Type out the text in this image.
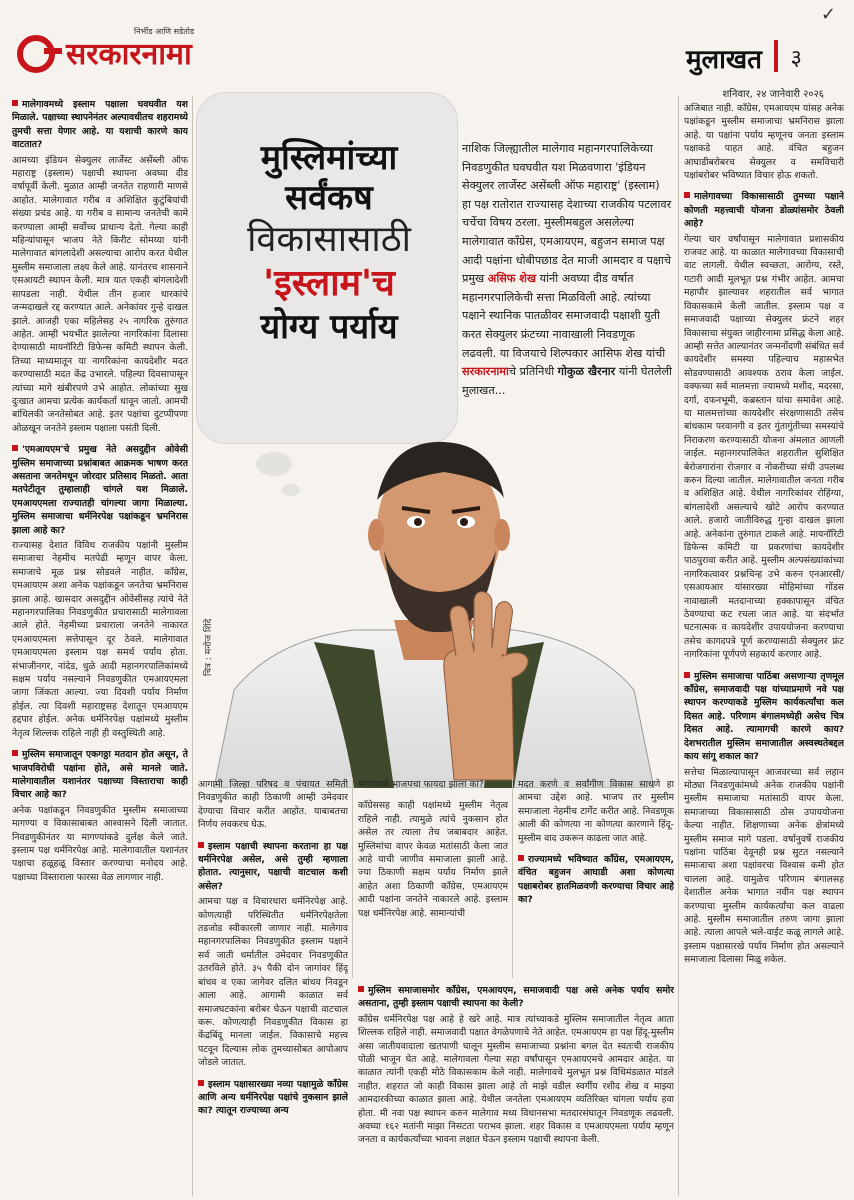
✓
निर्भीड आणि सडेतोड
सरकारनामा	मुलाखत ३
शनिवार, २४ जानेवारी २०२६
मालेगावमध्ये इस्लाम पक्षाला घवघवीत यश मिळाले. पक्षाच्या स्थापनेनंतर अल्पावधीतच शहरामध्ये तुमची सत्ता येणार आहे. या यशाची कारणे काय वाटतात?
आमच्या इंडियन सेक्युलर लार्जेस्ट असेंब्ली ऑफ महाराष्ट्र (इस्लाम) पक्षाची स्थापना अवघ्या दीड वर्षापूर्वी केली. मुळात आम्ही जनतेत राहणारी माणसे आहोत. मालेगावात गरीब व अशिक्षित कुटुंबियांची संख्या प्रचंड आहे. या गरीब व सामान्य जनतेची कामे करण्याला आम्ही सर्वोच्च प्राधान्य देतो. गेल्या काही महिन्यांपासून भाजप नेते किरीट सोमय्या यांनी मालेगावात बांगलादेशी असल्याचा आरोप करत येथील मुस्लीम समाजाला लक्ष्य केले आहे. यानंतरच शासनाने एसआयटी स्थापन केली. मात्र यात एकही बांगलादेशी सापडला नाही. येथील तीन हजार धारकांचे जन्मदाखले रद्द करण्यात आले. अनेकांवर गुन्हे दाखल झाले. आजही एका महिलेसह २५ नागरिक तुरुंगात आहेत. आम्ही भयभीत झालेल्या नागरिकांना दिलासा देण्यासाठी मायनॉरिटी डिफेन्स कमिटी स्थापन केली. तिच्या माध्यमातून या नागरिकांना कायदेशीर मदत करण्यासाठी मदत केंद्र उभारले. पहिल्या दिवसापासून त्यांच्या मागे खंबीरपणे उभे आहोत. लोकांच्या सुख दुःखात आमचा प्रत्येक कार्यकर्ता धावून जातो. आमची बांधिलकी जनतेसोबत आहे. इतर पक्षांचा दुटप्पीपणा ओळखून जनतेने इस्लाम पक्षाला पसंती दिली.
'एमआयएम'चे प्रमुख नेते असदुद्दीन ओवेसी मुस्लिम समाजाच्या प्रश्नांबाबत आक्रमक भाषण करत असताना जनतेमधून जोरदार प्रतिसाद मिळतो. आता मतपेटीतून तुम्हालाही चांगले यश मिळाले. एमआयएमला राज्यातही चांगल्या जागा मिळाल्या. मुस्लिम समाजाचा धर्मनिरपेक्ष पक्षांकडून भ्रमनिरास झाला आहे का?
राज्यासह देशात विविध राजकीय पक्षांनी मुस्लीम समाजाचा नेहमीच मतपेढी म्हणून वापर केला. समाजाचे मूळ प्रश्न सोडवले नाहीत. काँग्रेस, एमआयएम अशा अनेक पक्षांकडून जनतेचा भ्रमनिरास झाला आहे. खासदार असदुद्दीन ओवेसीसह त्यांचे नेते महानगरपालिका निवडणुकीत प्रचारासाठी मालेगावला आले होते. नेहमीच्या प्रचाराला जनतेने नाकारत एमआयएमला सत्तेपासून दूर ठेवले. मालेगावात एमआयएमला इस्लाम पक्ष समर्थ पर्याय होता. संभाजीनगर, नांदेड, धुळे आदी महानगरपालिकांमध्ये सक्षम पर्याय नसल्याने निवडणुकीत एमआयएमला जागा जिंकता आल्या. ज्या दिवशी पर्याय निर्माण होईल. त्या दिवशी महाराष्ट्रसह देशातून एमआयएम हद्दपार होईल. अनेक धर्मनिरपेक्ष पक्षांमध्ये मुस्लीम नेतृत्व शिल्लक राहिले नाही ही वस्तुस्थिती आहे.
मुस्लिम समाजातून एकगठ्ठा मतदान होत असून, ते भाजपविरोधी पक्षांना होते, असे मानले जाते. मालेगावातील यशानंतर पक्षाच्या विस्ताराचा काही विचार आहे का?
अनेक पक्षांकडून निवडणुकीत मुस्लीम समाजाच्या मागण्या व विकासाबाबत आश्वासने दिली जातात. निवडणुकीनंतर या मागण्यांकडे दुर्लक्ष केले जाते. इस्लाम पक्ष धर्मनिरपेक्ष आहे. मालेगावातील यशानंतर पक्षाचा हळूहळू विस्तार करण्याचा मनोदय आहे. पक्षाच्या विस्ताराला फारसा वेळ लागणार नाही.
मुस्लिमांच्या
सर्वंकष
विकासासाठी
'इस्लाम'च
योग्य पर्याय
नाशिक जिल्ह्यातील मालेगाव महानगरपालिकेच्या निवडणुकीत घवघवीत यश मिळवणारा 'इंडियन सेक्युलर लार्जेस्ट असेंब्ली ऑफ महाराष्ट्र' (इस्लाम) हा पक्ष रातोरात राज्यासह देशाच्या राजकीय पटलावर चर्चेचा विषय ठरला. मुस्लीमबहुल असलेल्या मालेगावात काँग्रेस, एमआयएम, बहुजन समाज पक्ष आदी पक्षांना धोबीपछाड देत माजी आमदार व पक्षाचे प्रमुख असिफ शेख यांनी अवघ्या दीड वर्षात महानगरपालिकेची सत्ता मिळविली आहे. त्यांच्या पक्षाने स्थानिक पातळीवर समाजवादी पक्षाशी युती करत सेक्युलर फ्रंटच्या नावाखाली निवडणूक लढवली. या विजयाचे शिल्पकार आसिफ शेख यांची सरकारनामाचे प्रतिनिधी गोकुळ खैरनार यांनी घेतलेली मुलाखत...
चित्र : मनोज शिंदे
अजिबात नाही. काँग्रेस, एमआयएम यांसह अनेक पक्षांकडून मुस्लीम समाजाचा भ्रमनिरास झाला आहे. या पक्षांना पर्याय म्हणूनच जनता इस्लाम पक्षाकडे पाहत आहे. वंचित बहुजन आघाडीबरोबरच सेक्युलर व समविचारी पक्षांबरोबर भविष्यात विचार होऊ शकतो.
मालेगावच्या विकासासाठी तुमच्या पक्षाने कोणती महत्त्वाची योजना डोळ्यांसमोर ठेवली आहे?
गेल्या चार वर्षांपासून मालेगावात प्रशासकीय राजवट आहे. या काळात मालेगावच्या विकासाची वाट लागली. येथील स्वच्छता, आरोग्य, रस्ते, गटारी आदी मूलभूत प्रश्न गंभीर आहेत. आमचा महापौर झाल्यावर शहरातील सर्व भागात विकासकामे केली जातील. इस्लाम पक्ष व समाजवादी पक्षाच्या सेक्युलर फ्रंटने शहर विकासाचा संयुक्त जाहीरनामा प्रसिद्ध केला आहे. आम्ही सत्तेत आल्यानंतर जन्मनोंदणी संबंधित सर्व कायदेशीर समस्या पहिल्याच महासभेत सोडवण्यासाठी आवश्यक ठराव केला जाईल. वक्फच्या सर्व मालमत्ता ज्यामध्ये मशीद, मदरसा, दर्गा, दफनभूमी, कब्रस्तान यांचा समावेश आहे. या मालमत्तांच्या कायदेशीर संरक्षणासाठी तसेच बांधकाम परवानगी व इतर गुंतागुंतीच्या समस्यांचे निराकरण करण्यासाठी योजना अंमलात आणली जाईल. महानगरपालिकेत शहरातील सुशिक्षित बेरोजगारांना रोजगार व नोकरीच्या संधी उपलब्ध करुन दिल्या जातील. मालेगावातील जनता गरीब व अशिक्षित आहे. येथील नागरिकांवर रोहिंग्या, बांगलादेशी असल्याचे खोटे आरोप करण्यात आले. हजारो जातीविरुद्ध गुन्हा दाखल झाला आहे. अनेकांना तुरुंगात टाकले आहे. मायनॉरिटी डिफेन्स कमिटी या प्रकरणांचा कायदेशीर पाठपुरावा करीत आहे. मुस्लीम अल्पसंख्यांकांच्या नागरिकत्वावर प्रश्नचिन्ह उभे करुन एनआरसी/एसआयआर यांसारख्या मोहिमांच्या गोंडस नावाखाली मतदानाच्या हक्कापासून वंचित ठेवण्याचा कट रचला जात आहे. या संदर्भात घटनात्मक व कायदेशीर उपाययोजना करण्याचा तसेच कागदपत्रे पूर्ण करण्यासाठी सेक्युलर फ्रंट नागरिकांना पूर्णपणे सहकार्य करणार आहे.
मुस्लिम समाजाचा पाठिंबा असणाऱ्या तृणमूल काँग्रेस, समाजवादी पक्ष यांच्याप्रमाणे नवे पक्ष स्थापन करण्याकडे मुस्लिम कार्यकर्त्यांचा कल दिसत आहे. परिणाम बंगालमध्येही असेच चित्र दिसत आहे. त्यामागची कारणे काय? देशभरातील मुस्लिम समाजातील अस्वस्थतेबद्दल काय सांगू शकाल का?
सत्तेचा मिळाल्यापासून आजवरच्या सर्व लहान मोठ्या निवडणुकांमध्ये अनेक राजकीय पक्षांनी मुस्लीम समाजाचा मतांसाठी वापर केला. समाजाच्या विकासासाठी ठोस उपाययोजना केल्या नाहीत. शिक्षणाच्या अनेक क्षेत्रांमध्ये मुस्लीम समाज मागे पडला. वर्षानुवर्षे राजकीय पक्षांना पाठिंबा देवूनही प्रश्न सुटत नसल्याने समाजाचा अशा पक्षांवरचा विश्वास कमी होत चालला आहे. यामुळेच परिणाम बंगालसह देशातील अनेक भागात नवीन पक्ष स्थापन करण्याचा मुस्लीम कार्यकर्त्यांचा कल वाढला आहे. मुस्लीम समाजातील तरुण जागा झाला आहे. त्याला आपले भले-वाईट कळू लागले आहे. इस्लाम पक्षासारखे पर्याय निर्माण होत असल्याने समाजाला दिलासा मिळू शकेल.
आगामी जिल्हा परिषद व पंचायत समिती निवडणुकीत काही ठिकाणी आम्ही उमेदवार देण्याचा विचार करीत आहोत. याबाबतचा निर्णय लवकरच घेऊ.
इस्लाम पक्षाची स्थापना करताना हा पक्ष धर्मनिरपेक्ष असेल, असे तुम्ही म्हणाला होतात. त्यानुसार, पक्षाची वाटचाल कशी असेल?
आमचा पक्ष व विचारधारा धर्मनिरपेक्ष आहे. कोणत्याही परिस्थितीत धर्मनिरपेक्षतेला तडजोड स्वीकारली जाणार नाही. मालेगाव महानगरपालिका निवडणुकीत इस्लाम पक्षाने सर्व जाती धर्मातील उमेदवार निवडणुकीत उतरविले होते. ३५ पैकी दोन जागांवर हिंदू बांधव व एका जागेवर दलित बांधव निवडून आला आहे. आगामी काळात सर्व समाजघटकांना बरोबर घेऊन पक्षाची वाटचाल करू. कोणत्याही निवडणुकीत विकास हा केंद्रबिंदू मानला जाईल. विकासाचे महत्त्व पटवून दिल्यास लोक तुमच्यासोबत आपोआप जोडले जातात.
इस्लाम पक्षासारख्या नव्या पक्षामुळे काँग्रेस आणि अन्य धर्मनिरपेक्ष पक्षांचे नुकसान झाले का? त्यातून राज्याच्या अन्य
भागांमध्ये भाजपचा फायदा झाला का?
काँग्रेससह काही पक्षांमध्ये मुस्लीम नेतृत्व राहिले नाही. त्यामुळे त्यांचे नुकसान होत असेल तर त्याला तेच जबाबदार आहेत. मुस्लिमांचा वापर केवळ मतांसाठी केला जात आहे याची जाणीव समाजाला झाली आहे. ज्या ठिकाणी सक्षम पर्याय निर्माण झाले आहेत अशा ठिकाणी काँग्रेस, एमआयएम आदी पक्षांना जनतेने नाकारले आहे. इस्लाम पक्ष धर्मनिरपेक्ष आहे. सामान्यांची
मदत करणे व सर्वांगीण विकास साधणे हा आमचा उद्देश आहे. भाजप तर मुस्लीम समाजाला नेहमीच टार्गेट करीत आहे. निवडणूक आली की कोणत्या ना कोणत्या कारणाने हिंदू-मुस्लीम वाद उकरून काढला जात आहे.
राज्यामध्ये भविष्यात काँग्रेस, एमआयएम, वंचित बहुजन आघाडी अशा कोणत्या पक्षाबरोबर हातमिळवणी करण्याचा विचार आहे का?
मुस्लिम समाजासमोर काँग्रेस, एमआयएम, समाजवादी पक्ष असे अनेक पर्याय समोर असताना, तुम्ही इस्लाम पक्षाची स्थापना का केली?
काँग्रेस धर्मनिरपेक्ष पक्ष आहे हे खरे आहे. मात्र त्यांच्याकडे मुस्लिम समाजातील नेतृत्व आता शिल्लक राहिले नाही. समाजवादी पक्षात वेगळेपणाचे नेते आहेत. एमआयएम हा पक्ष हिंदू-मुस्लीम असा जातीयवादाला खतपाणी घालून मुस्लीम समाजाच्या प्रश्नांना बगल देत स्वतःची राजकीय पोळी भाजून घेत आहे. मालेगावला गेल्या सहा वर्षांपासून एमआयएमचे आमदार आहेत. या काळात त्यांनी एकही मोठे विकासकाम केले नाही. मालेगावचे मुलभूत प्रश्न विधिमंडळात मांडले नाहीत. शहरात जो काही विकास झाला आहे तो माझे वडील स्वर्गीय रशीद शेख व माझ्या आमदारकीच्या काळात झाला आहे. येथील जनतेला एमआयएम व्यतिरिक्त चांगला पर्याय हवा होता. मी नवा पक्ष स्थापन करुन मालेगाव मध्य विधानसभा मतदारसंघातून निवडणूक लढवली. अवघ्या १६२ मतांनी माझा निसटता पराभव झाला. शहर विकास व एमआयएमला पर्याय म्हणून जनता व कार्यकर्त्यांच्या भावना लक्षात घेऊन इस्लाम पक्षाची स्थापना केली.
